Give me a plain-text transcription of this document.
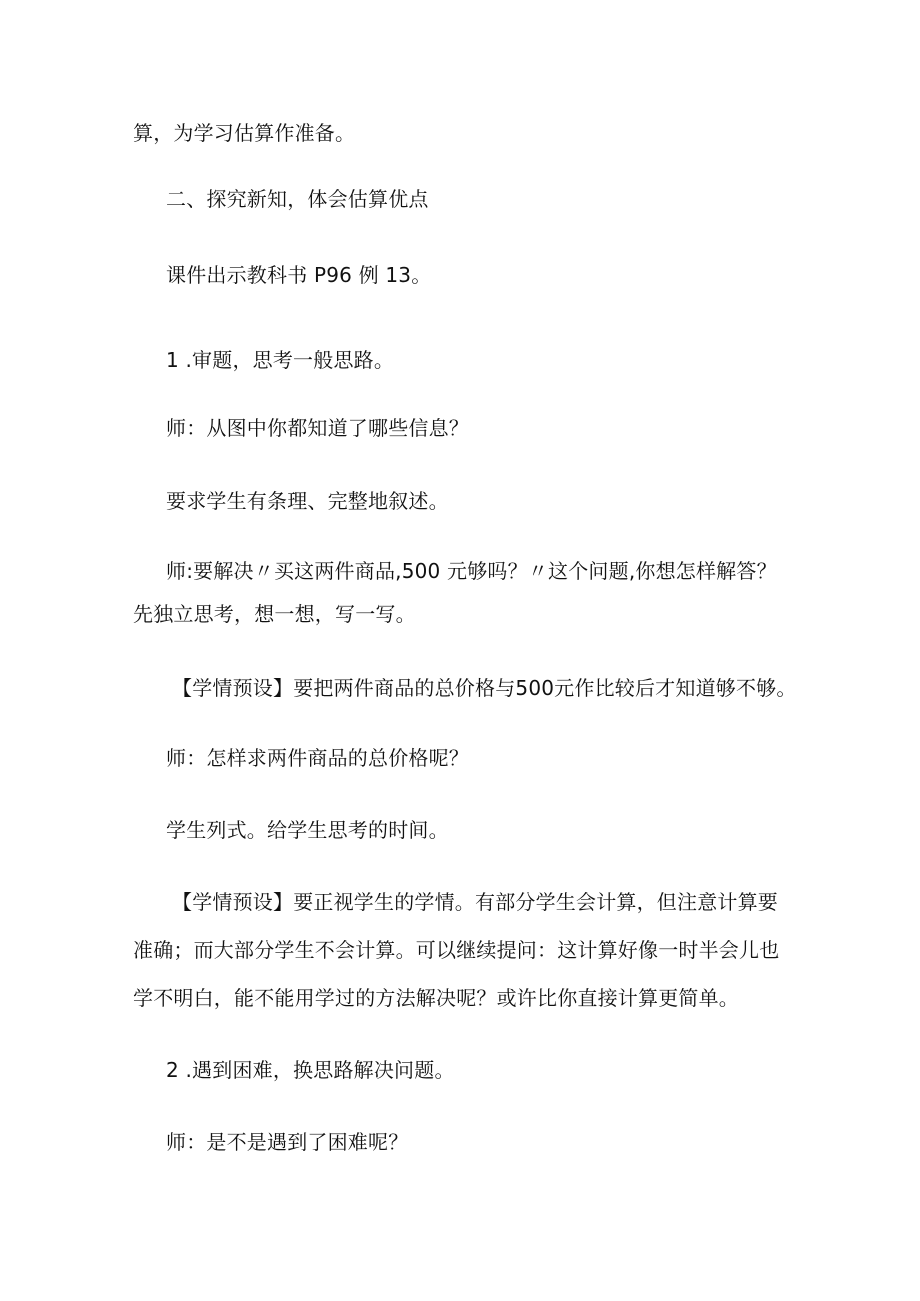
算，为学习估算作准备。
二、探究新知，体会估算优点
课件出示教科书 P96 例 13。
1 .审题，思考一般思路。
师：从图中你都知道了哪些信息？
要求学生有条理、完整地叙述。
师:要解决〃买这两件商品,500 元够吗？〃这个问题,你想怎样解答？
先独立思考，想一想，写一写。
【学情预设】要把两件商品的总价格与500元作比较后才知道够不够。
师：怎样求两件商品的总价格呢？
学生列式。给学生思考的时间。
【学情预设】要正视学生的学情。有部分学生会计算，但注意计算要
准确；而大部分学生不会计算。可以继续提问：这计算好像一时半会儿也
学不明白，能不能用学过的方法解决呢？或许比你直接计算更简单。
2 .遇到困难，换思路解决问题。
师：是不是遇到了困难呢？
